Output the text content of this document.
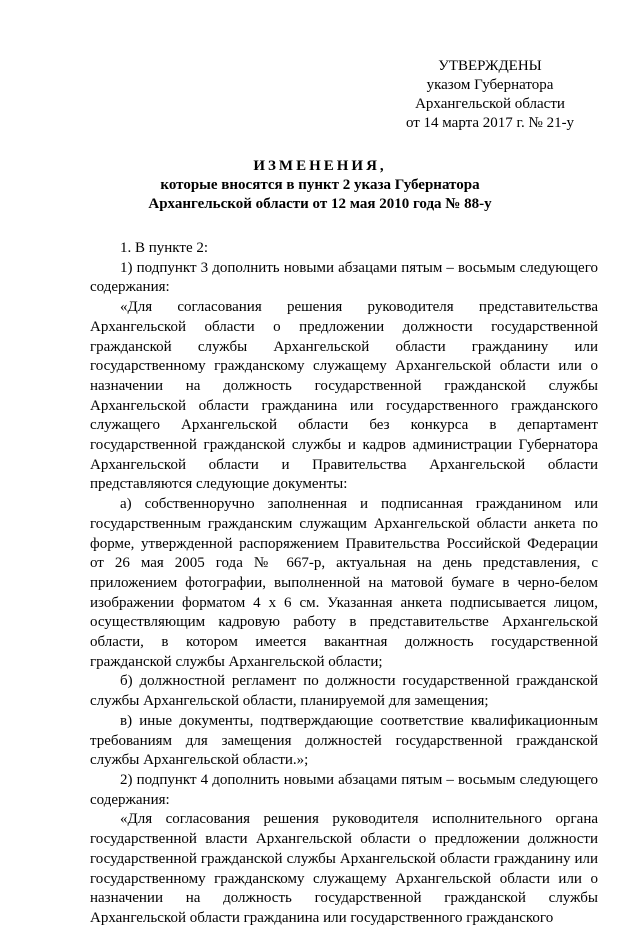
УТВЕРЖДЕНЫ
указом Губернатора
Архангельской области
от 14 марта 2017 г. № 21-у
ИЗМЕНЕНИЯ,
которые вносятся в пункт 2 указа Губернатора
Архангельской области от 12 мая 2010 года № 88-у

1. В пункте 2:

1) подпункт 3 дополнить новыми абзацами пятым – восьмым следующего содержания:

«Для согласования решения руководителя представительства Архангельской области о предложении должности государственной гражданской службы Архангельской области гражданину или государственному гражданскому служащему Архангельской области или о назначении на должность государственной гражданской службы Архангельской области гражданина или государственного гражданского служащего Архангельской области без конкурса в департамент государственной гражданской службы и кадров администрации Губернатора Архангельской области и Правительства Архангельской области представляются следующие документы:

а) собственноручно заполненная и подписанная гражданином или государственным гражданским служащим Архангельской области анкета по форме, утвержденной распоряжением Правительства Российской Федерации от 26 мая 2005 года № 667-р, актуальная на день представления, с приложением фотографии, выполненной на матовой бумаге в черно-белом изображении форматом 4 х 6 см. Указанная анкета подписывается лицом, осуществляющим кадровую работу в представительстве Архангельской области, в котором имеется вакантная должность государственной гражданской службы Архангельской области;

б) должностной регламент по должности государственной гражданской службы Архангельской области, планируемой для замещения;

в) иные документы, подтверждающие соответствие квалификационным требованиям для замещения должностей государственной гражданской службы Архангельской области.»;

2) подпункт 4 дополнить новыми абзацами пятым – восьмым следующего содержания:

«Для согласования решения руководителя исполнительного органа государственной власти Архангельской области о предложении должности государственной гражданской службы Архангельской области гражданину или государственному гражданскому служащему Архангельской области или о назначении на должность государственной гражданской службы Архангельской области гражданина или государственного гражданского
